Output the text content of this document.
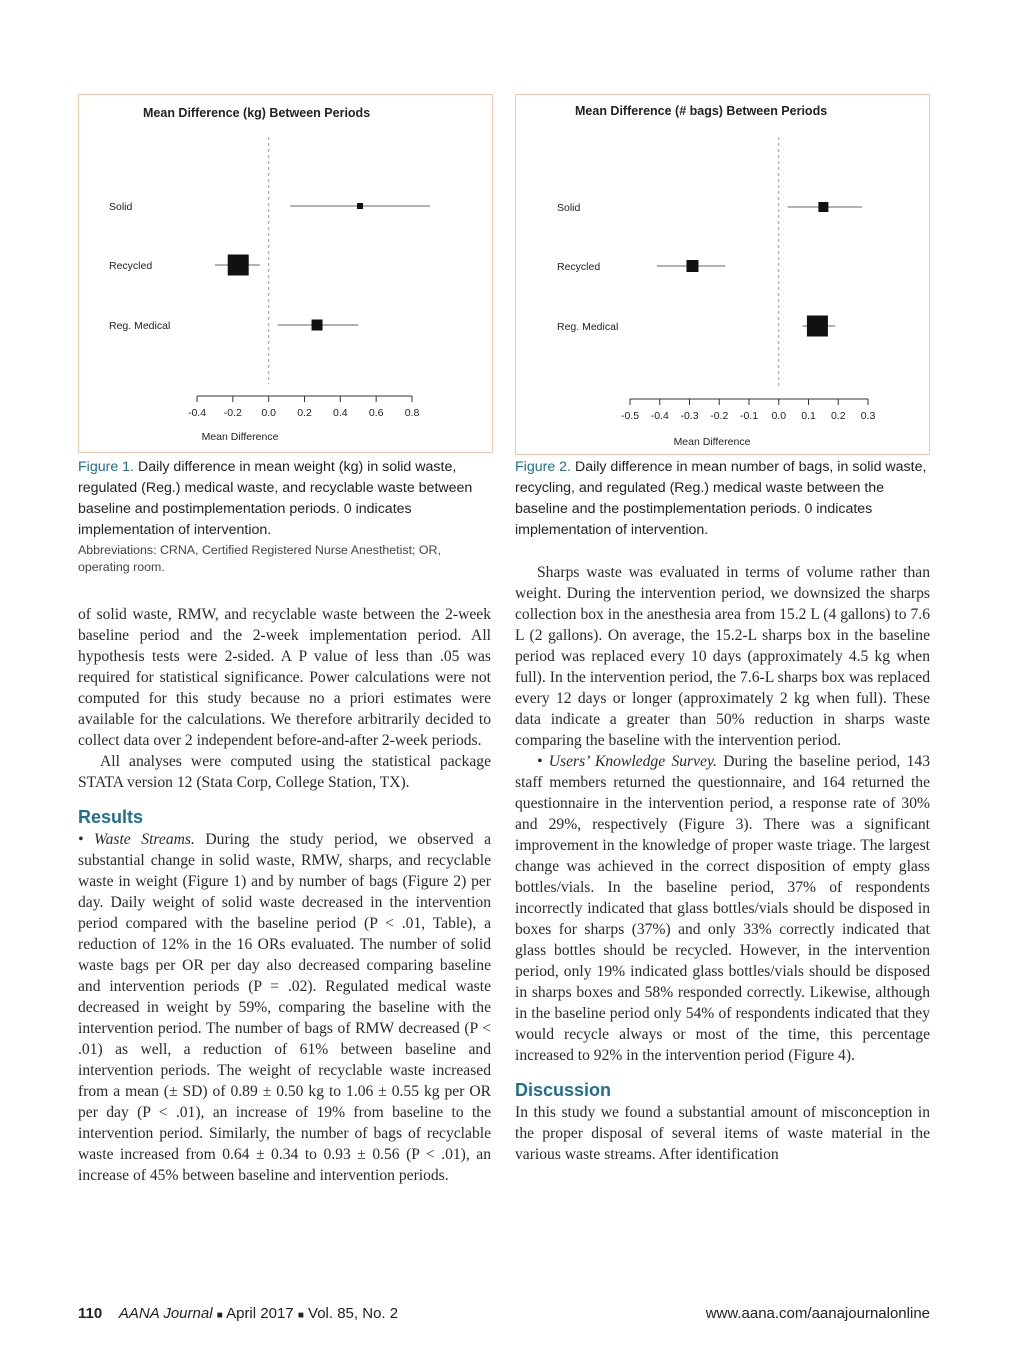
Mean Difference (kg) Between Periods
Solid
Recycled
Reg. Medical
-0.4 -0.2 0.0 0.2 0.4 0.6 0.8
Mean Difference
Mean Difference (# bags) Between Periods
Solid
Recycled
Reg. Medical
-0.5 -0.4 -0.3 -0.2 -0.1 0.0 0.1 0.2 0.3
Mean Difference
Figure 1. Daily difference in mean weight (kg) in solid waste, regulated (Reg.) medical waste, and recyclable waste between baseline and postimplementation periods. 0 indicates implementation of intervention.
Abbreviations: CRNA, Certified Registered Nurse Anesthetist; OR, operating room.
Figure 2. Daily difference in mean number of bags, in solid waste, recycling, and regulated (Reg.) medical waste between the baseline and the postimplementation periods. 0 indicates implementation of intervention.

of solid waste, RMW, and recyclable waste between the 2-week baseline period and the 2-week implementation period. All hypothesis tests were 2-sided. A P value of less than .05 was required for statistical significance. Power calculations were not computed for this study because no a priori estimates were available for the calculations. We therefore arbitrarily decided to collect data over 2 independent before-and-after 2-week periods.

All analyses were computed using the statistical package STATA version 12 (Stata Corp, College Station, TX).

Results

• Waste Streams. During the study period, we observed a substantial change in solid waste, RMW, sharps, and recyclable waste in weight (Figure 1) and by number of bags (Figure 2) per day. Daily weight of solid waste decreased in the intervention period compared with the baseline period (P < .01, Table), a reduction of 12% in the 16 ORs evaluated. The number of solid waste bags per OR per day also decreased comparing baseline and intervention periods (P = .02). Regulated medical waste decreased in weight by 59%, comparing the baseline with the intervention period. The number of bags of RMW decreased (P < .01) as well, a reduction of 61% between baseline and intervention periods. The weight of recyclable waste increased from a mean (± SD) of 0.89 ± 0.50 kg to 1.06 ± 0.55 kg per OR per day (P < .01), an increase of 19% from baseline to the intervention period. Similarly, the number of bags of recyclable waste increased from 0.64 ± 0.34 to 0.93 ± 0.56 (P < .01), an increase of 45% between baseline and intervention periods.

Sharps waste was evaluated in terms of volume rather than weight. During the intervention period, we downsized the sharps collection box in the anesthesia area from 15.2 L (4 gallons) to 7.6 L (2 gallons). On average, the 15.2-L sharps box in the baseline period was replaced every 10 days (approximately 4.5 kg when full). In the intervention period, the 7.6-L sharps box was replaced every 12 days or longer (approximately 2 kg when full). These data indicate a greater than 50% reduction in sharps waste comparing the baseline with the intervention period.

• Users’ Knowledge Survey. During the baseline period, 143 staff members returned the questionnaire, and 164 returned the questionnaire in the intervention period, a response rate of 30% and 29%, respectively (Figure 3). There was a significant improvement in the knowledge of proper waste triage. The largest change was achieved in the correct disposition of empty glass bottles/vials. In the baseline period, 37% of respondents incorrectly indicated that glass bottles/vials should be disposed in boxes for sharps (37%) and only 33% correctly indicated that glass bottles should be recycled. However, in the intervention period, only 19% indicated glass bottles/vials should be disposed in sharps boxes and 58% responded correctly. Likewise, although in the baseline period only 54% of respondents indicated that they would recycle always or most of the time, this percentage increased to 92% in the intervention period (Figure 4).

Discussion

In this study we found a substantial amount of misconception in the proper disposal of several items of waste material in the various waste streams. After identification

110 AANA Journal ■ April 2017 ■ Vol. 85, No. 2	www.aana.com/aanajournalonline
